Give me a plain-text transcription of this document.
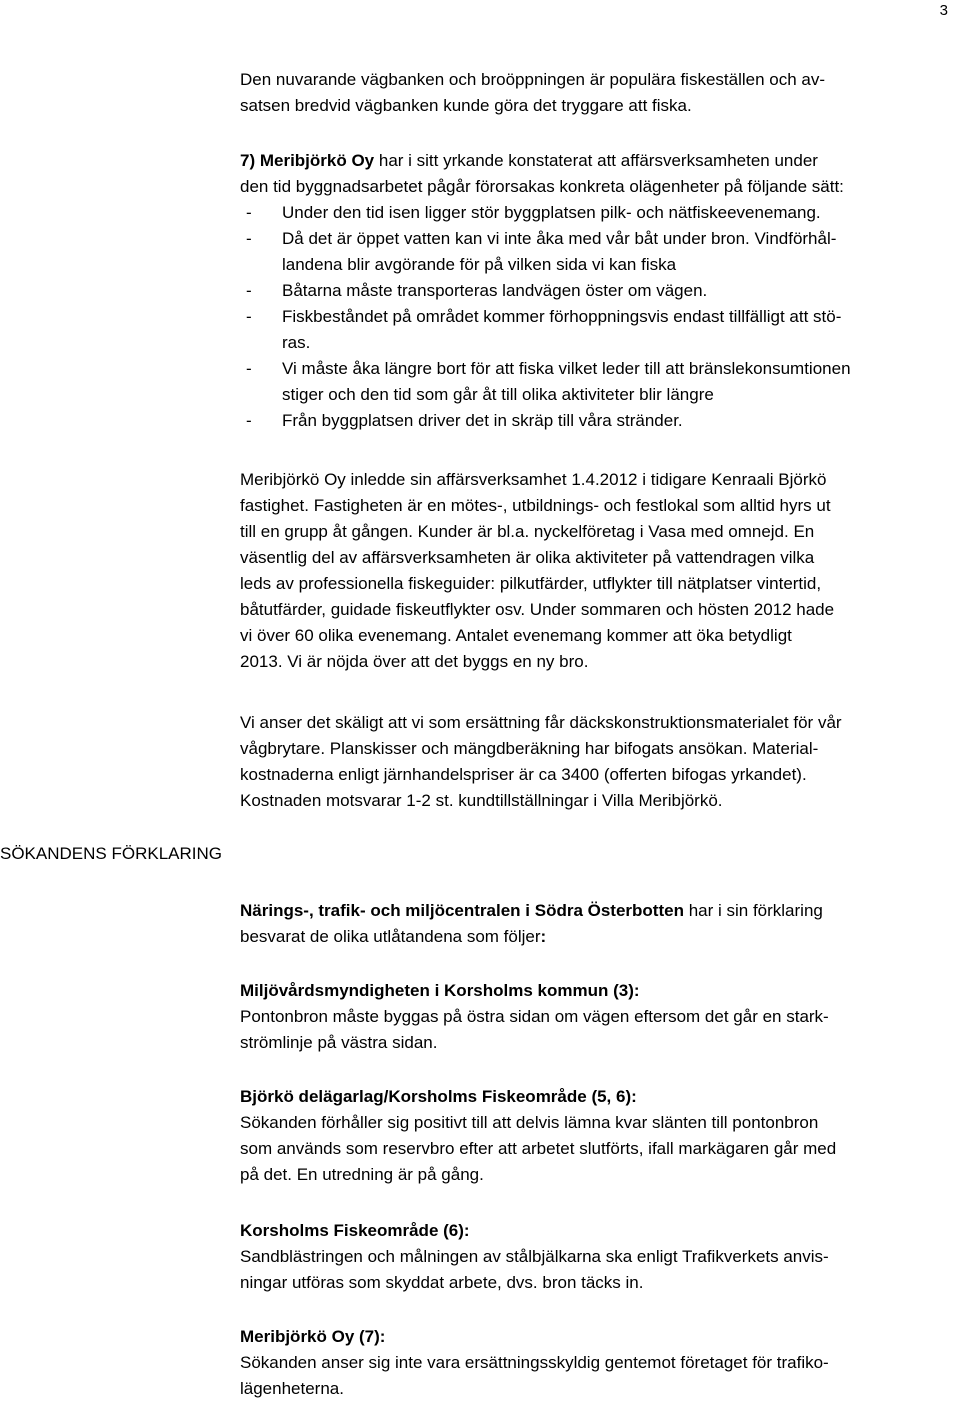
3
Den nuvarande vägbanken och broöppningen är populära fiskeställen och av-
satsen bredvid vägbanken kunde göra det tryggare att fiska.
7) Meribjörkö Oy har i sitt yrkande konstaterat att affärsverksamheten under
den tid byggnadsarbetet pågår förorsakas konkreta olägenheter på följande sätt:
- Under den tid isen ligger stör byggplatsen pilk- och nätfiskeevenemang.
- Då det är öppet vatten kan vi inte åka med vår båt under bron. Vindförhål-
landena blir avgörande för på vilken sida vi kan fiska
- Båtarna måste transporteras landvägen öster om vägen.
- Fiskbeståndet på området kommer förhoppningsvis endast tillfälligt att stö-
ras.
- Vi måste åka längre bort för att fiska vilket leder till att bränslekonsumtionen
stiger och den tid som går åt till olika aktiviteter blir längre
- Från byggplatsen driver det in skräp till våra stränder.
Meribjörkö Oy inledde sin affärsverksamhet 1.4.2012 i tidigare Kenraali Björkö
fastighet. Fastigheten är en mötes-, utbildnings- och festlokal som alltid hyrs ut
till en grupp åt gången. Kunder är bl.a. nyckelföretag i Vasa med omnejd. En
väsentlig del av affärsverksamheten är olika aktiviteter på vattendragen vilka
leds av professionella fiskeguider: pilkutfärder, utflykter till nätplatser vintertid,
båtutfärder, guidade fiskeutflykter osv. Under sommaren och hösten 2012 hade
vi över 60 olika evenemang. Antalet evenemang kommer att öka betydligt
2013. Vi är nöjda över att det byggs en ny bro.
Vi anser det skäligt att vi som ersättning får däckskonstruktionsmaterialet för vår
vågbrytare. Planskisser och mängdberäkning har bifogats ansökan. Material-
kostnaderna enligt järnhandelspriser är ca 3400 (offerten bifogas yrkandet).
Kostnaden motsvarar 1-2 st. kundtillställningar i Villa Meribjörkö.
SÖKANDENS FÖRKLARING
Närings-, trafik- och miljöcentralen i Södra Österbotten har i sin förklaring
besvarat de olika utlåtandena som följer:
Miljövårdsmyndigheten i Korsholms kommun (3):
Pontonbron måste byggas på östra sidan om vägen eftersom det går en stark-
strömlinje på västra sidan.
Björkö delägarlag/Korsholms Fiskeområde (5, 6):
Sökanden förhåller sig positivt till att delvis lämna kvar slänten till pontonbron
som används som reservbro efter att arbetet slutförts, ifall markägaren går med
på det. En utredning är på gång.
Korsholms Fiskeområde (6):
Sandblästringen och målningen av stålbjälkarna ska enligt Trafikverkets anvis-
ningar utföras som skyddat arbete, dvs. bron täcks in.
Meribjörkö Oy (7):
Sökanden anser sig inte vara ersättningsskyldig gentemot företaget för trafiko-
lägenheterna.
